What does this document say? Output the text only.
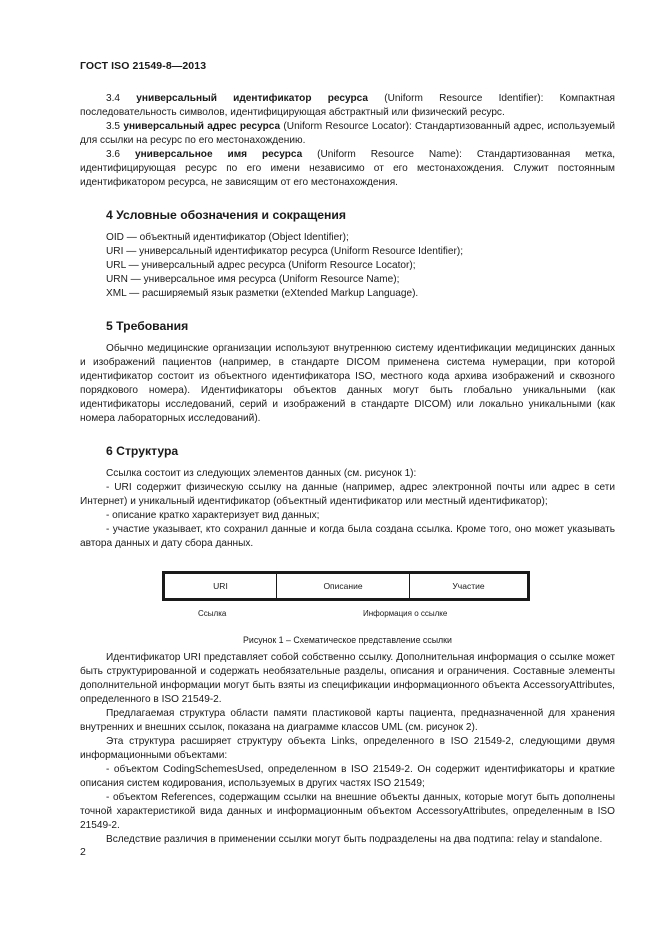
ГОСТ ISO 21549-8—2013

3.4 универсальный идентификатор ресурса (Uniform Resource Identifier): Компактная последовательность символов, идентифицирующая абстрактный или физический ресурс.

3.5 универсальный адрес ресурса (Uniform Resource Locator): Стандартизованный адрес, используемый для ссылки на ресурс по его местонахождению.

3.6 универсальное имя ресурса (Uniform Resource Name): Стандартизованная метка, идентифицирующая ресурс по его имени независимо от его местонахождения. Служит постоянным идентификатором ресурса, не зависящим от его местонахождения.

4 Условные обозначения и сокращения

OID — объектный идентификатор (Object Identifier);

URI — универсальный идентификатор ресурса (Uniform Resource Identifier);

URL — универсальный адрес ресурса (Uniform Resource Locator);

URN — универсальное имя ресурса (Uniform Resource Name);

XML — расширяемый язык разметки (eXtended Markup Language).

5 Требования

Обычно медицинские организации используют внутреннюю систему идентификации медицинских данных и изображений пациентов (например, в стандарте DICOM применена система нумерации, при которой идентификатор состоит из объектного идентификатора ISO, местного кода архива изображений и сквозного порядкового номера). Идентификаторы объектов данных могут быть глобально уникальными (как идентификаторы исследований, серий и изображений в стандарте DICOM) или локально уникальными (как номера лабораторных исследований).

6 Структура

Ссылка состоит из следующих элементов данных (см. рисунок 1):

- URI содержит физическую ссылку на данные (например, адрес электронной почты или адрес в сети Интернет) и уникальный идентификатор (объектный идентификатор или местный идентификатор);

- описание кратко характеризует вид данных;

- участие указывает, кто сохранил данные и когда была создана ссылка. Кроме того, оно может указывать автора данных и дату сбора данных.

URI	Описание	Участие
Ссылка	Информация о ссылке
Рисунок 1 – Схематическое представление ссылки

Идентификатор URI представляет собой собственно ссылку. Дополнительная информация о ссылке может быть структурированной и содержать необязательные разделы, описания и ограничения. Составные элементы дополнительной информации могут быть взяты из спецификации информационного объекта AccessoryAttributes, определенного в ISO 21549-2.

Предлагаемая структура области памяти пластиковой карты пациента, предназначенной для хранения внутренних и внешних ссылок, показана на диаграмме классов UML (см. рисунок 2).

Эта структура расширяет структуру объекта Links, определенного в ISO 21549-2, следующими двумя информационными объектами:

- объектом CodingSchemesUsed, определенном в ISO 21549-2. Он содержит идентификаторы и краткие описания систем кодирования, используемых в других частях ISO 21549;

- объектом References, содержащим ссылки на внешние объекты данных, которые могут быть дополнены точной характеристикой вида данных и информационным объектом AccessoryAttributes, определенным в ISO 21549-2.

Вследствие различия в применении ссылки могут быть подразделены на два подтипа: relay и standalone.

2
